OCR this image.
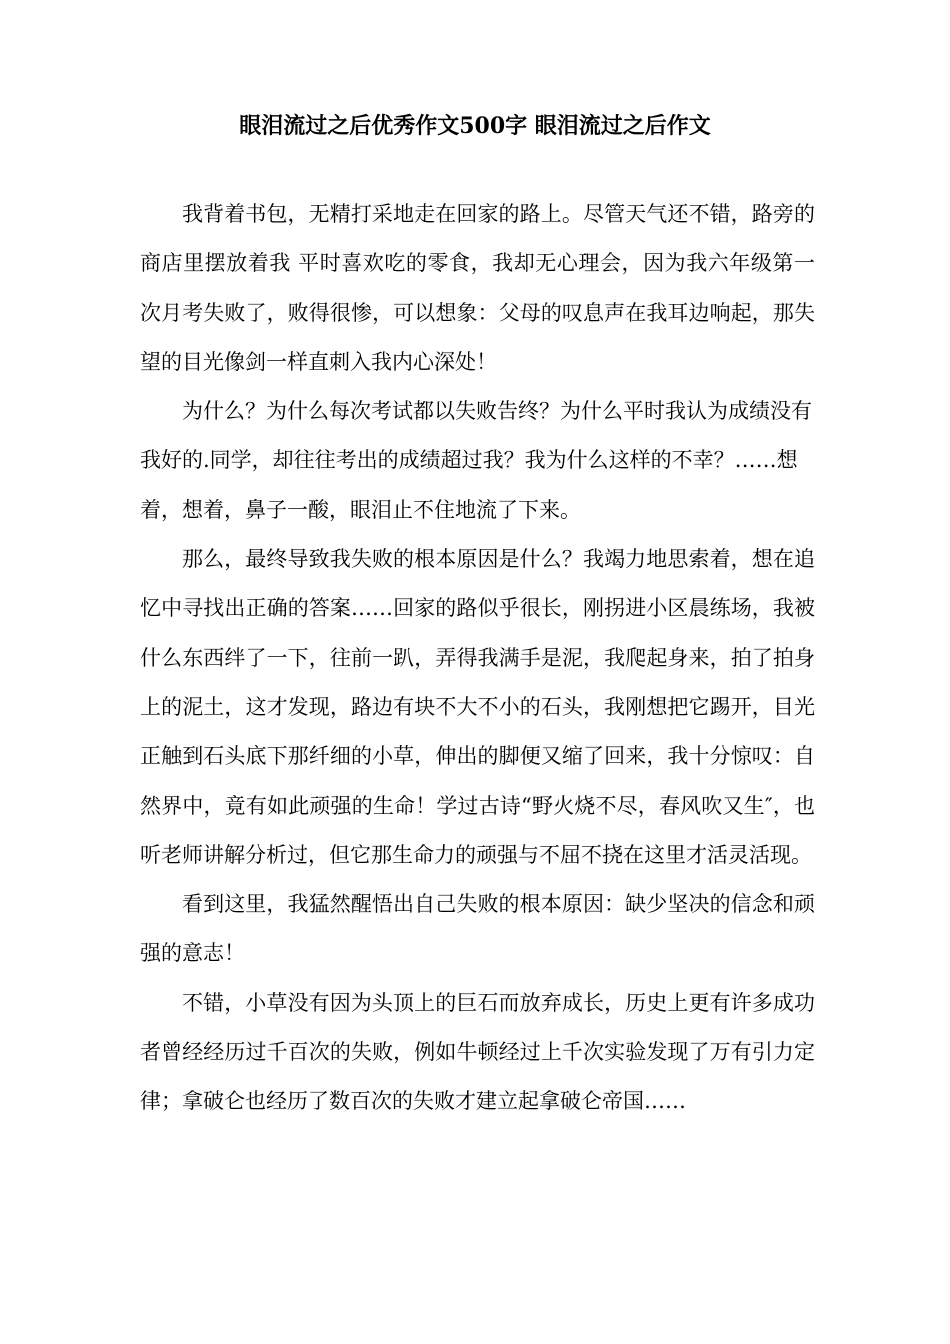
眼泪流过之后优秀作文500字 眼泪流过之后作文

我背着书包，无精打采地走在回家的路上。尽管天气还不错，路旁的商店里摆放着我 平时喜欢吃的零食，我却无心理会，因为我六年级第一次月考失败了，败得很惨，可以想象：父母的叹息声在我耳边响起，那失望的目光像剑一样直刺入我内心深处！

为什么？为什么每次考试都以失败告终？为什么平时我认为成绩没有我好的.同学，却往往考出的成绩超过我？我为什么这样的不幸？……想着，想着，鼻子一酸，眼泪止不住地流了下来。

那么，最终导致我失败的根本原因是什么？我竭力地思索着，想在追忆中寻找出正确的答案……回家的路似乎很长，刚拐进小区晨练场，我被什么东西绊了一下，往前一趴，弄得我满手是泥，我爬起身来，拍了拍身上的泥土，这才发现，路边有块不大不小的石头，我刚想把它踢开，目光正触到石头底下那纤细的小草，伸出的脚便又缩了回来，我十分惊叹：自然界中，竟有如此顽强的生命！学过古诗“野火烧不尽，春风吹又生″，也听老师讲解分析过，但它那生命力的顽强与不屈不挠在这里才活灵活现。

看到这里，我猛然醒悟出自己失败的根本原因：缺少坚决的信念和顽强的意志！

不错，小草没有因为头顶上的巨石而放弃成长，历史上更有许多成功者曾经经历过千百次的失败，例如牛顿经过上千次实验发现了万有引力定律；拿破仑也经历了数百次的失败才建立起拿破仑帝国……
